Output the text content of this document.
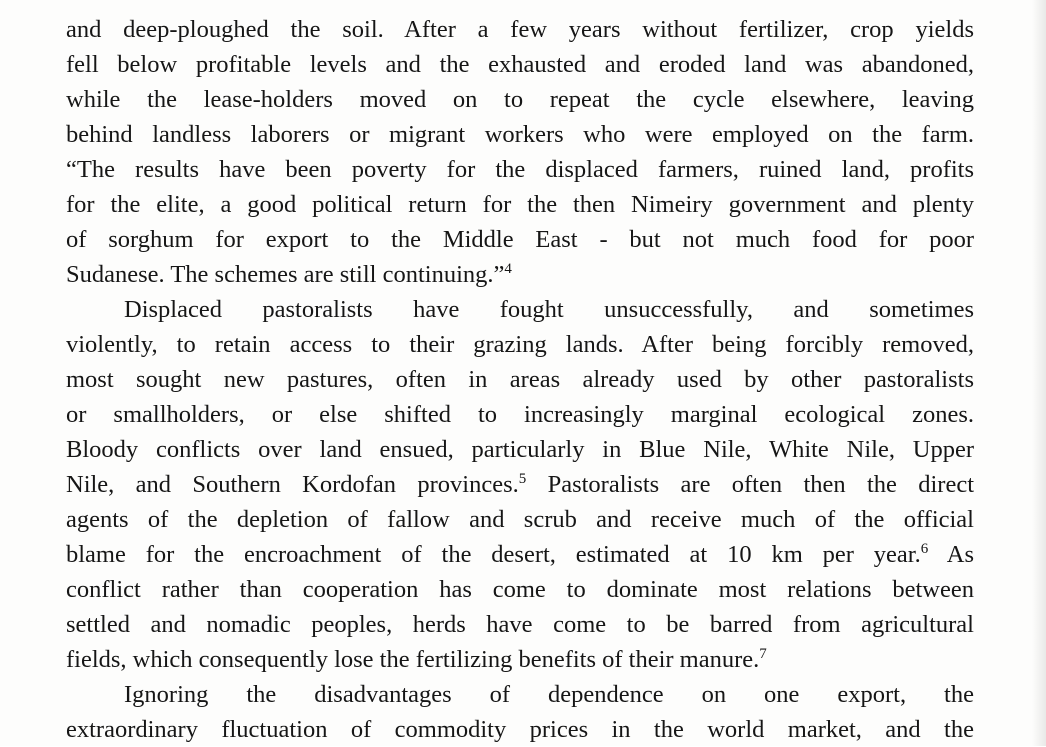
and deep-ploughed the soil. After a few years without fertilizer, crop yields
fell below profitable levels and the exhausted and eroded land was abandoned,
while the lease-holders moved on to repeat the cycle elsewhere, leaving
behind landless laborers or migrant workers who were employed on the farm.
“The results have been poverty for the displaced farmers, ruined land, profits
for the elite, a good political return for the then Nimeiry government and plenty
of sorghum for export to the Middle East - but not much food for poor
Sudanese. The schemes are still continuing.”$^4$
Displaced pastoralists have fought unsuccessfully, and sometimes
violently, to retain access to their grazing lands. After being forcibly removed,
most sought new pastures, often in areas already used by other pastoralists
or smallholders, or else shifted to increasingly marginal ecological zones.
Bloody conflicts over land ensued, particularly in Blue Nile, White Nile, Upper
Nile, and Southern Kordofan provinces.$^5$ Pastoralists are often then the direct
agents of the depletion of fallow and scrub and receive much of the official
blame for the encroachment of the desert, estimated at 10 km per year.$^6$ As
conflict rather than cooperation has come to dominate most relations between
settled and nomadic peoples, herds have come to be barred from agricultural
fields, which consequently lose the fertilizing benefits of their manure.$^7$
Ignoring the disadvantages of dependence on one export, the
extraordinary fluctuation of commodity prices in the world market, and the
